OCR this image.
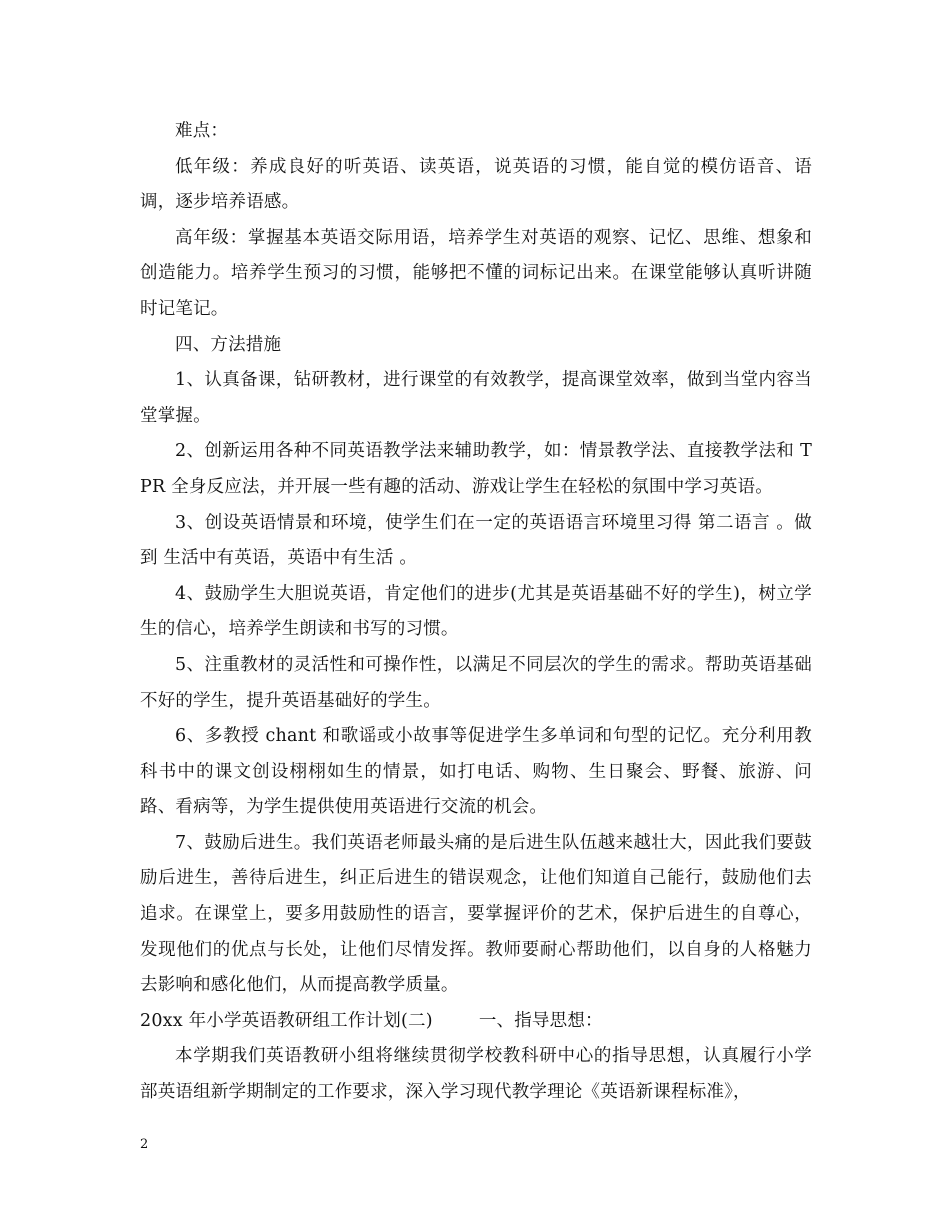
难点：

低年级：养成良好的听英语、读英语，说英语的习惯，能自觉的模仿语音、语调，逐步培养语感。

高年级：掌握基本英语交际用语，培养学生对英语的观察、记忆、思维、想象和创造能力。培养学生预习的习惯，能够把不懂的词标记出来。在课堂能够认真听讲随时记笔记。

四、方法措施

1、认真备课，钻研教材，进行课堂的有效教学，提高课堂效率，做到当堂内容当堂掌握。

2、创新运用各种不同英语教学法来辅助教学，如：情景教学法、直接教学法和 TPR 全身反应法，并开展一些有趣的活动、游戏让学生在轻松的氛围中学习英语。

3、创设英语情景和环境，使学生们在一定的英语语言环境里习得 第二语言 。做到 生活中有英语，英语中有生活 。

4、鼓励学生大胆说英语，肯定他们的进步(尤其是英语基础不好的学生)，树立学生的信心，培养学生朗读和书写的习惯。

5、注重教材的灵活性和可操作性，以满足不同层次的学生的需求。帮助英语基础不好的学生，提升英语基础好的学生。

6、多教授 chant 和歌谣或小故事等促进学生多单词和句型的记忆。充分利用教科书中的课文创设栩栩如生的情景，如打电话、购物、生日聚会、野餐、旅游、问路、看病等，为学生提供使用英语进行交流的机会。

7、鼓励后进生。我们英语老师最头痛的是后进生队伍越来越壮大，因此我们要鼓励后进生，善待后进生，纠正后进生的错误观念，让他们知道自己能行，鼓励他们去追求。在课堂上，要多用鼓励性的语言，要掌握评价的艺术，保护后进生的自尊心，发现他们的优点与长处，让他们尽情发挥。教师要耐心帮助他们，以自身的人格魅力去影响和感化他们，从而提高教学质量。

20xx 年小学英语教研组工作计划(二)        一、指导思想：

本学期我们英语教研小组将继续贯彻学校教科研中心的指导思想，认真履行小学部英语组新学期制定的工作要求，深入学习现代教学理论《英语新课程标准》，

2
